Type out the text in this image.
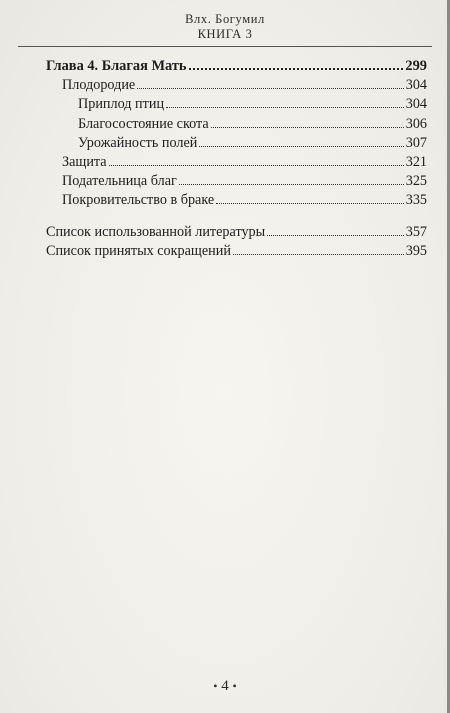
Влх. Богумил
КНИГА 3
Глава 4. Благая Мать	299
Плодородие	304
Приплод птиц	304
Благосостояние скота	306
Урожайность полей	307
Защита	321
Подательница благ	325
Покровительство в браке	335
Список использованной литературы	357
Список принятых сокращений	395
• 4 •
